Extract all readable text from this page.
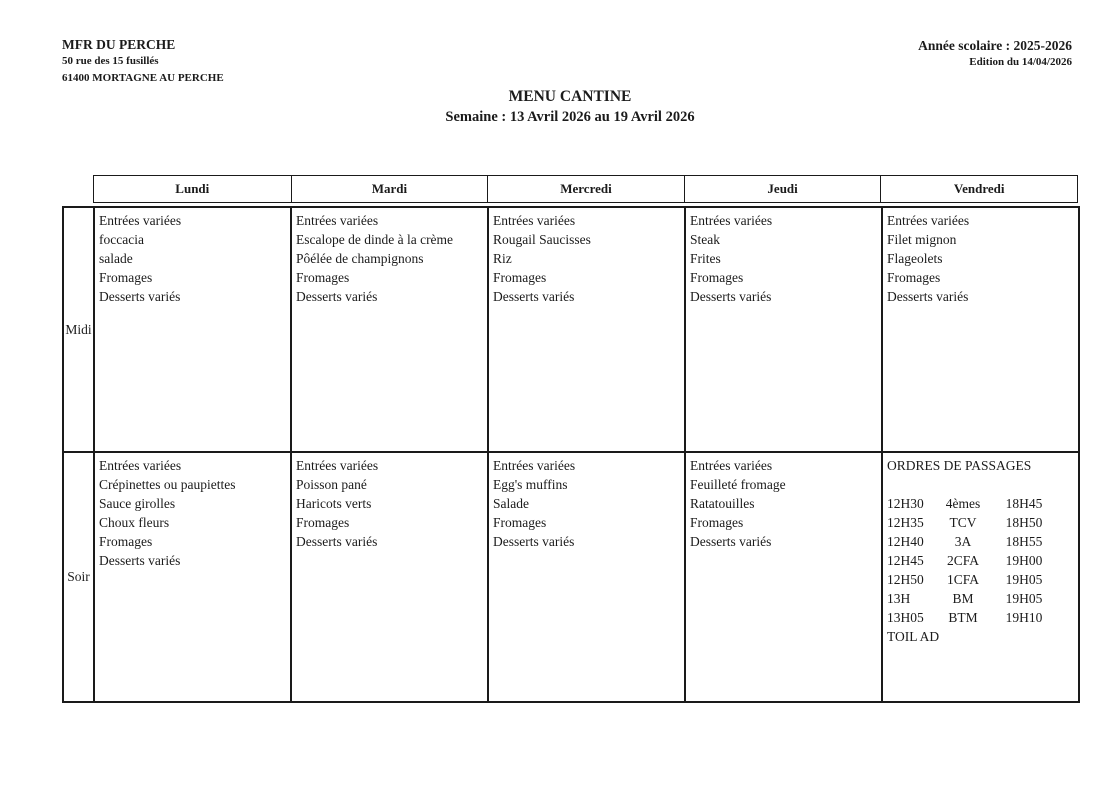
MFR DU PERCHE
50 rue des 15 fusillés
61400 MORTAGNE AU PERCHE
Année scolaire : 2025-2026
Edition du 14/04/2026
MENU CANTINE
Semaine : 13 Avril 2026 au 19 Avril 2026
Lundi	Mardi	Mercredi	Jeudi	Vendredi
Midi	
Entrées variées
foccacia
salade
Fromages
Desserts variés

Entrées variées
Escalope de dinde à la crème
Pôélée de champignons
Fromages
Desserts variés

Entrées variées
Rougail Saucisses
Riz
Fromages
Desserts variés

Entrées variées
Steak
Frites
Fromages
Desserts variés

Entrées variées
Filet mignon
Flageolets
Fromages
Desserts variés

Soir	
Entrées variées
Crépinettes ou paupiettes
Sauce girolles
Choux fleurs
Fromages
Desserts variés

Entrées variées
Poisson pané
Haricots verts
Fromages
Desserts variés

Entrées variées
Egg's muffins
Salade
Fromages
Desserts variés

Entrées variées
Feuilleté fromage
Ratatouilles
Fromages
Desserts variés

ORDRES DE PASSAGES
12H30	4èmes	18H45
12H35	TCV	18H50
12H40	3A	18H55
12H45	2CFA	19H00
12H50	1CFA	19H05
13H	BM	19H05
13H05	BTM	19H10
TOIL AD
